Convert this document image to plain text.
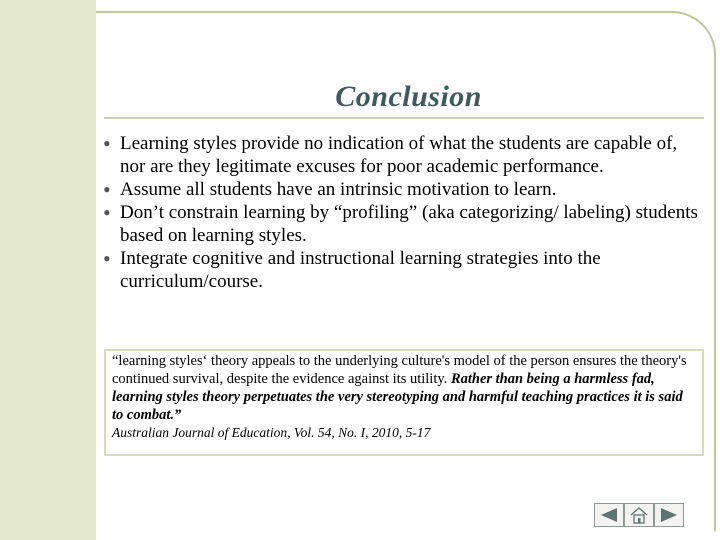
Conclusion
• Learning styles provide no indication of what the students are capable of, nor are they legitimate excuses for poor academic performance.
• Assume all students have an intrinsic motivation to learn.
• Don’t constrain learning by “profiling” (aka categorizing/ labeling) students based on learning styles.
• Integrate cognitive and instructional learning strategies into the curriculum/course.

“learning styles‘ theory appeals to the underlying culture's model of the person ensures the theory's continued survival, despite the evidence against its utility. Rather than being a harmless fad, learning styles theory perpetuates the very stereotyping and harmful teaching practices it is said to combat.”

Australian Journal of Education, Vol. 54, No. I, 2010, 5-17
